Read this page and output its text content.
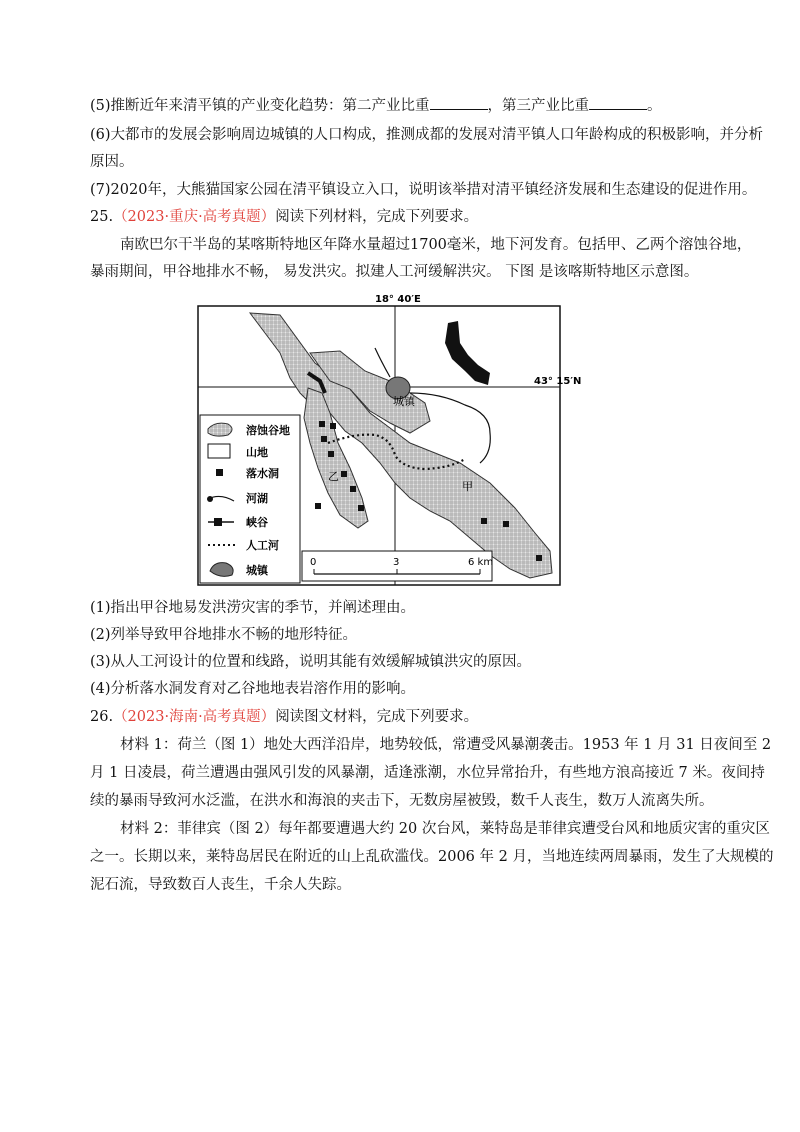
(5)推断近年来清平镇的产业变化趋势：第二产业比重	，第三产业比重	。
(6)大都市的发展会影响周边城镇的人口构成，推测成都的发展对清平镇人口年龄构成的积极影响，并分析
原因。
(7)2020年，大熊猫国家公园在清平镇设立入口，说明该举措对清平镇经济发展和生态建设的促进作用。
25.（2023·重庆·高考真题）阅读下列材料，完成下列要求。
南欧巴尔干半岛的某喀斯特地区年降水量超过1700毫米，地下河发育。包括甲、乙两个溶蚀谷地，
暴雨期间，甲谷地排水不畅， 易发洪灾。拟建人工河缓解洪灾。 下图 是该喀斯特地区示意图。
18° 40′E
43° 15′N
城镇
甲
乙
溶蚀谷地
山地
落水洞
河湖
峡谷
人工河
城镇
0	3	6 km
(1)指出甲谷地易发洪涝灾害的季节，并阐述理由。
(2)列举导致甲谷地排水不畅的地形特征。
(3)从人工河设计的位置和线路，说明其能有效缓解城镇洪灾的原因。
(4)分析落水洞发育对乙谷地地表岩溶作用的影响。
26.（2023·海南·高考真题）阅读图文材料，完成下列要求。
材料 1：荷兰（图 1）地处大西洋沿岸，地势较低，常遭受风暴潮袭击。1953 年 1 月 31 日夜间至 2
月 1 日凌晨，荷兰遭遇由强风引发的风暴潮，适逢涨潮，水位异常抬升，有些地方浪高接近 7 米。夜间持
续的暴雨导致河水泛滥，在洪水和海浪的夹击下，无数房屋被毁，数千人丧生，数万人流离失所。
材料 2：菲律宾（图 2）每年都要遭遇大约 20 次台风，莱特岛是菲律宾遭受台风和地质灾害的重灾区
之一。长期以来，莱特岛居民在附近的山上乱砍滥伐。2006 年 2 月，当地连续两周暴雨，发生了大规模的
泥石流，导致数百人丧生，千余人失踪。
